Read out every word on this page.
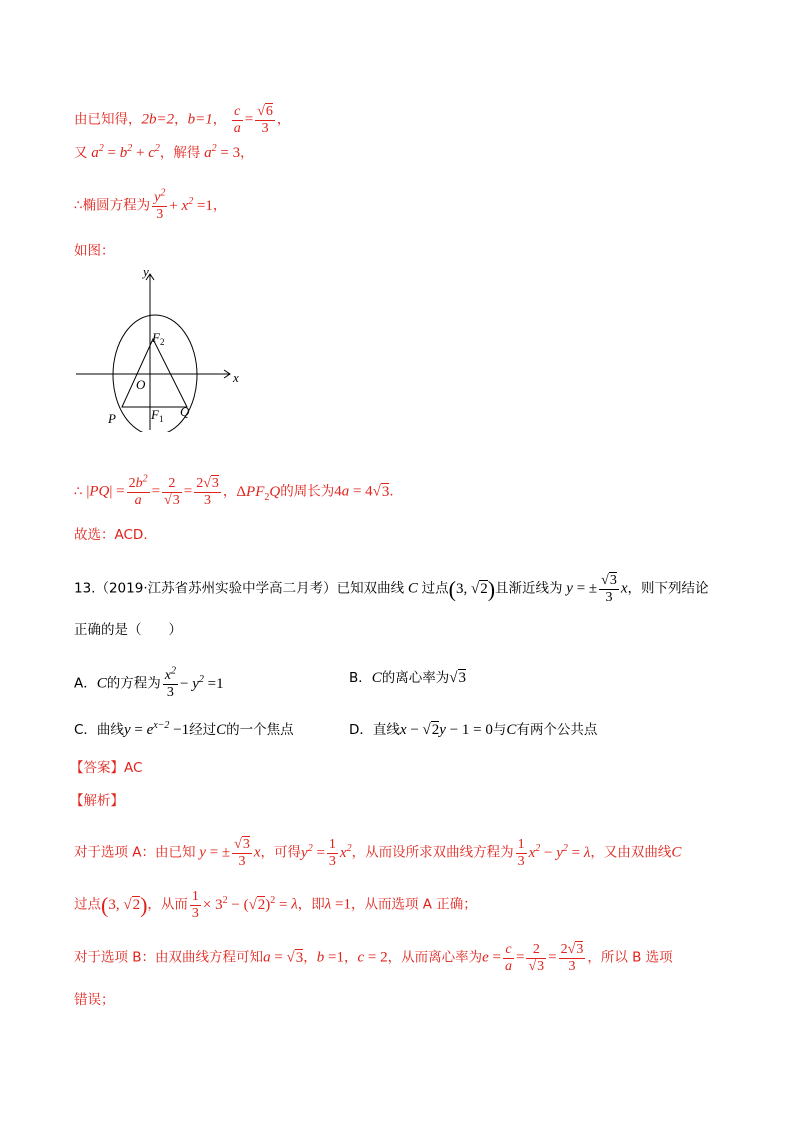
由已知得，2b=2，b=1， $\frac{c}{a} = \frac{√6}{3}$ ，
又 $a^2 = b^2 + c^2$，解得 $a^2 = 3$，
∴椭圆方程为 $\frac{y^2}{3} + x^2 =1$，
如图：
y
x
O
$F_2$
$F_1$
P	Q
∴ $|PQ| = \frac{2b^2}{a} = \frac{2}{√3} = \frac{2√3}{3}$ ，$\Delta PF_2Q$的周长为4a = 4√3．
故选：ACD.
13.（2019·江苏省苏州实验中学高二月考）已知双曲线 C 过点(3, √2)且渐近线为 y = ± $\frac{√3}{3}$ x，则下列结论
正确的是（　　）
A．C的方程为 $\frac{x^2}{3} - y^2 =1$	B．C的离心率为√3
C．曲线$y = e^{x-2} -1$经过C的一个焦点	D．直线x − √2y − 1 = 0与C有两个公共点
【答案】AC
【解析】
对于选项 A：由已知 y = ± $\frac{√3}{3}$ x，可得$y^2 = \frac{1}{3} x^2$，从而设所求双曲线方程为 $\frac{1}{3} x^2 - y^2 = \lambda$，又由双曲线C
过点(3, √2)，从而 $\frac{1}{3} \times 3^2 - (√2)^2 = \lambda$，即λ =1，从而选项 A 正确；
对于选项 B：由双曲线方程可知a = √3，b =1，c = 2，从而离心率为$e = \frac{c}{a} = \frac{2}{√3} = \frac{2√3}{3}$ ，所以 B 选项
错误；
